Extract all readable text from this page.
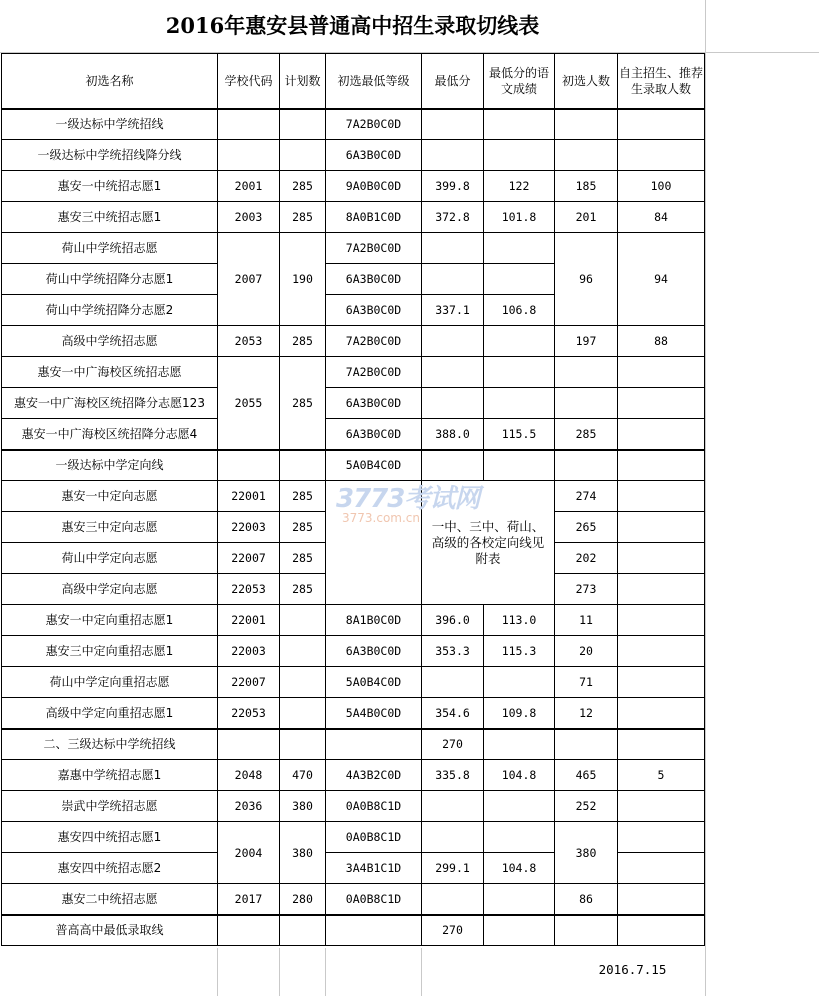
2016年惠安县普通高中招生录取切线表
初选名称	学校代码	计划数	初选最低等级	最低分	最低分的语文成绩	初选人数	自主招生、推荐生录取人数
一级达标中学统招线			7A2B0C0D				
一级达标中学统招线降分线			6A3B0C0D				
惠安一中统招志愿1	2001	285	9A0B0C0D	399.8	122	185	100
惠安三中统招志愿1	2003	285	8A0B1C0D	372.8	101.8	201	84
荷山中学统招志愿	2007	190	7A2B0C0D			96	94
荷山中学统招降分志愿1			6A3B0C0D				
荷山中学统招降分志愿2			6A3B0C0D	337.1	106.8		
高级中学统招志愿	2053	285	7A2B0C0D			197	88
惠安一中广海校区统招志愿	2055	285	7A2B0C0D				
惠安一中广海校区统招降分志愿123			6A3B0C0D				
惠安一中广海校区统招降分志愿4			6A3B0C0D	388.0	115.5	285	
一级达标中学定向线			5A0B4C0D				
惠安一中定向志愿	22001	285		一中、三中、荷山、高级的各校定向线见附表		274	
惠安三中定向志愿	22003	285				265	
荷山中学定向志愿	22007	285				202	
高级中学定向志愿	22053	285				273	
惠安一中定向重招志愿1	22001		8A1B0C0D	396.0	113.0	11	
惠安三中定向重招志愿1	22003		6A3B0C0D	353.3	115.3	20	
荷山中学定向重招志愿	22007		5A0B4C0D			71	
高级中学定向重招志愿1	22053		5A4B0C0D	354.6	109.8	12	
二、三级达标中学统招线				270			
嘉惠中学统招志愿1	2048	470	4A3B2C0D	335.8	104.8	465	5
崇武中学统招志愿	2036	380	0A0B8C1D			252	
惠安四中统招志愿1	2004	380	0A0B8C1D			380	
惠安四中统招志愿2			3A4B1C1D	299.1	104.8		
惠安二中统招志愿	2017	280	0A0B8C1D			86	
普高高中最低录取线				270			
2016.7.15
3773考试网
3773.com.cn
